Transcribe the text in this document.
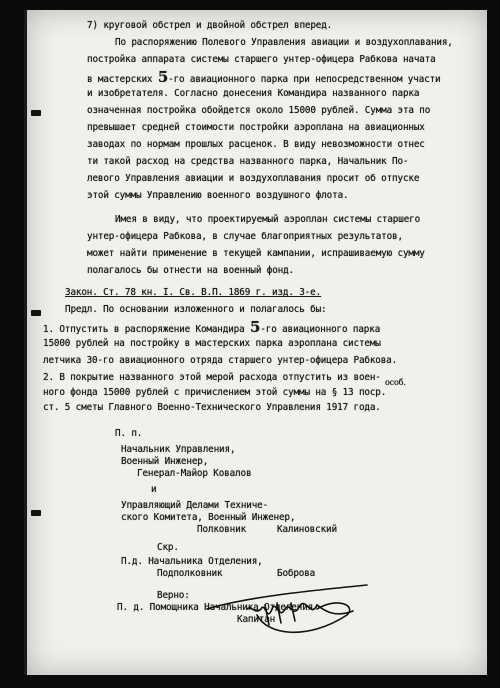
7) круговой обстрел и двойной обстрел вперед.
По распоряжению Полевого Управления авиации и воздухоплавания,
постройка аппарата системы старшего унтер-офицера Рабкова начата
в мастерских 5-го авиационного парка при непосредственном участи
и изобретателя. Согласно донесения Командира названного парка
означенная постройка обойдется около 15000 рублей. Сумма эта по
превышает средней стоимости постройки аэроплана на авиационных
заводах по нормам прошлых расценок. В виду невозможности отнес
ти такой расход на средства названного парка, Начальник По-
левого Управления авиации и воздухоплавания просит об отпуске
этой суммы Управлению военного воздушного флота.
Имея в виду, что проектируемый аэроплан системы старшего
унтер-офицера Рабкова, в случае благоприятных результатов,
может найти применение в текущей кампании, испрашиваемую сумму
полагалось бы отнести на военный фонд.
Закон. Ст. 78 кн. I. Св. В.П. 1869 г. изд. 3-е.
Предл. По основании изложенного и полагалось бы:
1. Отпустить в распоряжение Командира 5-го авиационного парка
15000 рублей на постройку в мастерских парка аэроплана системы
летчика 30-го авиационного отряда старшего унтер-офицера Рабкова.
2. В покрытие названного этой мерой расхода отпустить из воен- особ.
ного фонда 15000 рублей с причислением этой суммы на § 13 поср.
ст. 5 сметы Главного Военно-Технического Управления 1917 года.
П. п.
Начальник Управления,
Военный Инженер,
Генерал-Майор Ковалов
и
Управляющий Делами Техниче-
ского Комитета, Военный Инженер,
Полковник	Калиновский
Скр.
П.д. Начальника Отделения,
Подполковник	Боброва
Верно:
П. д. Помощника Начальника Отделения
Капитан
